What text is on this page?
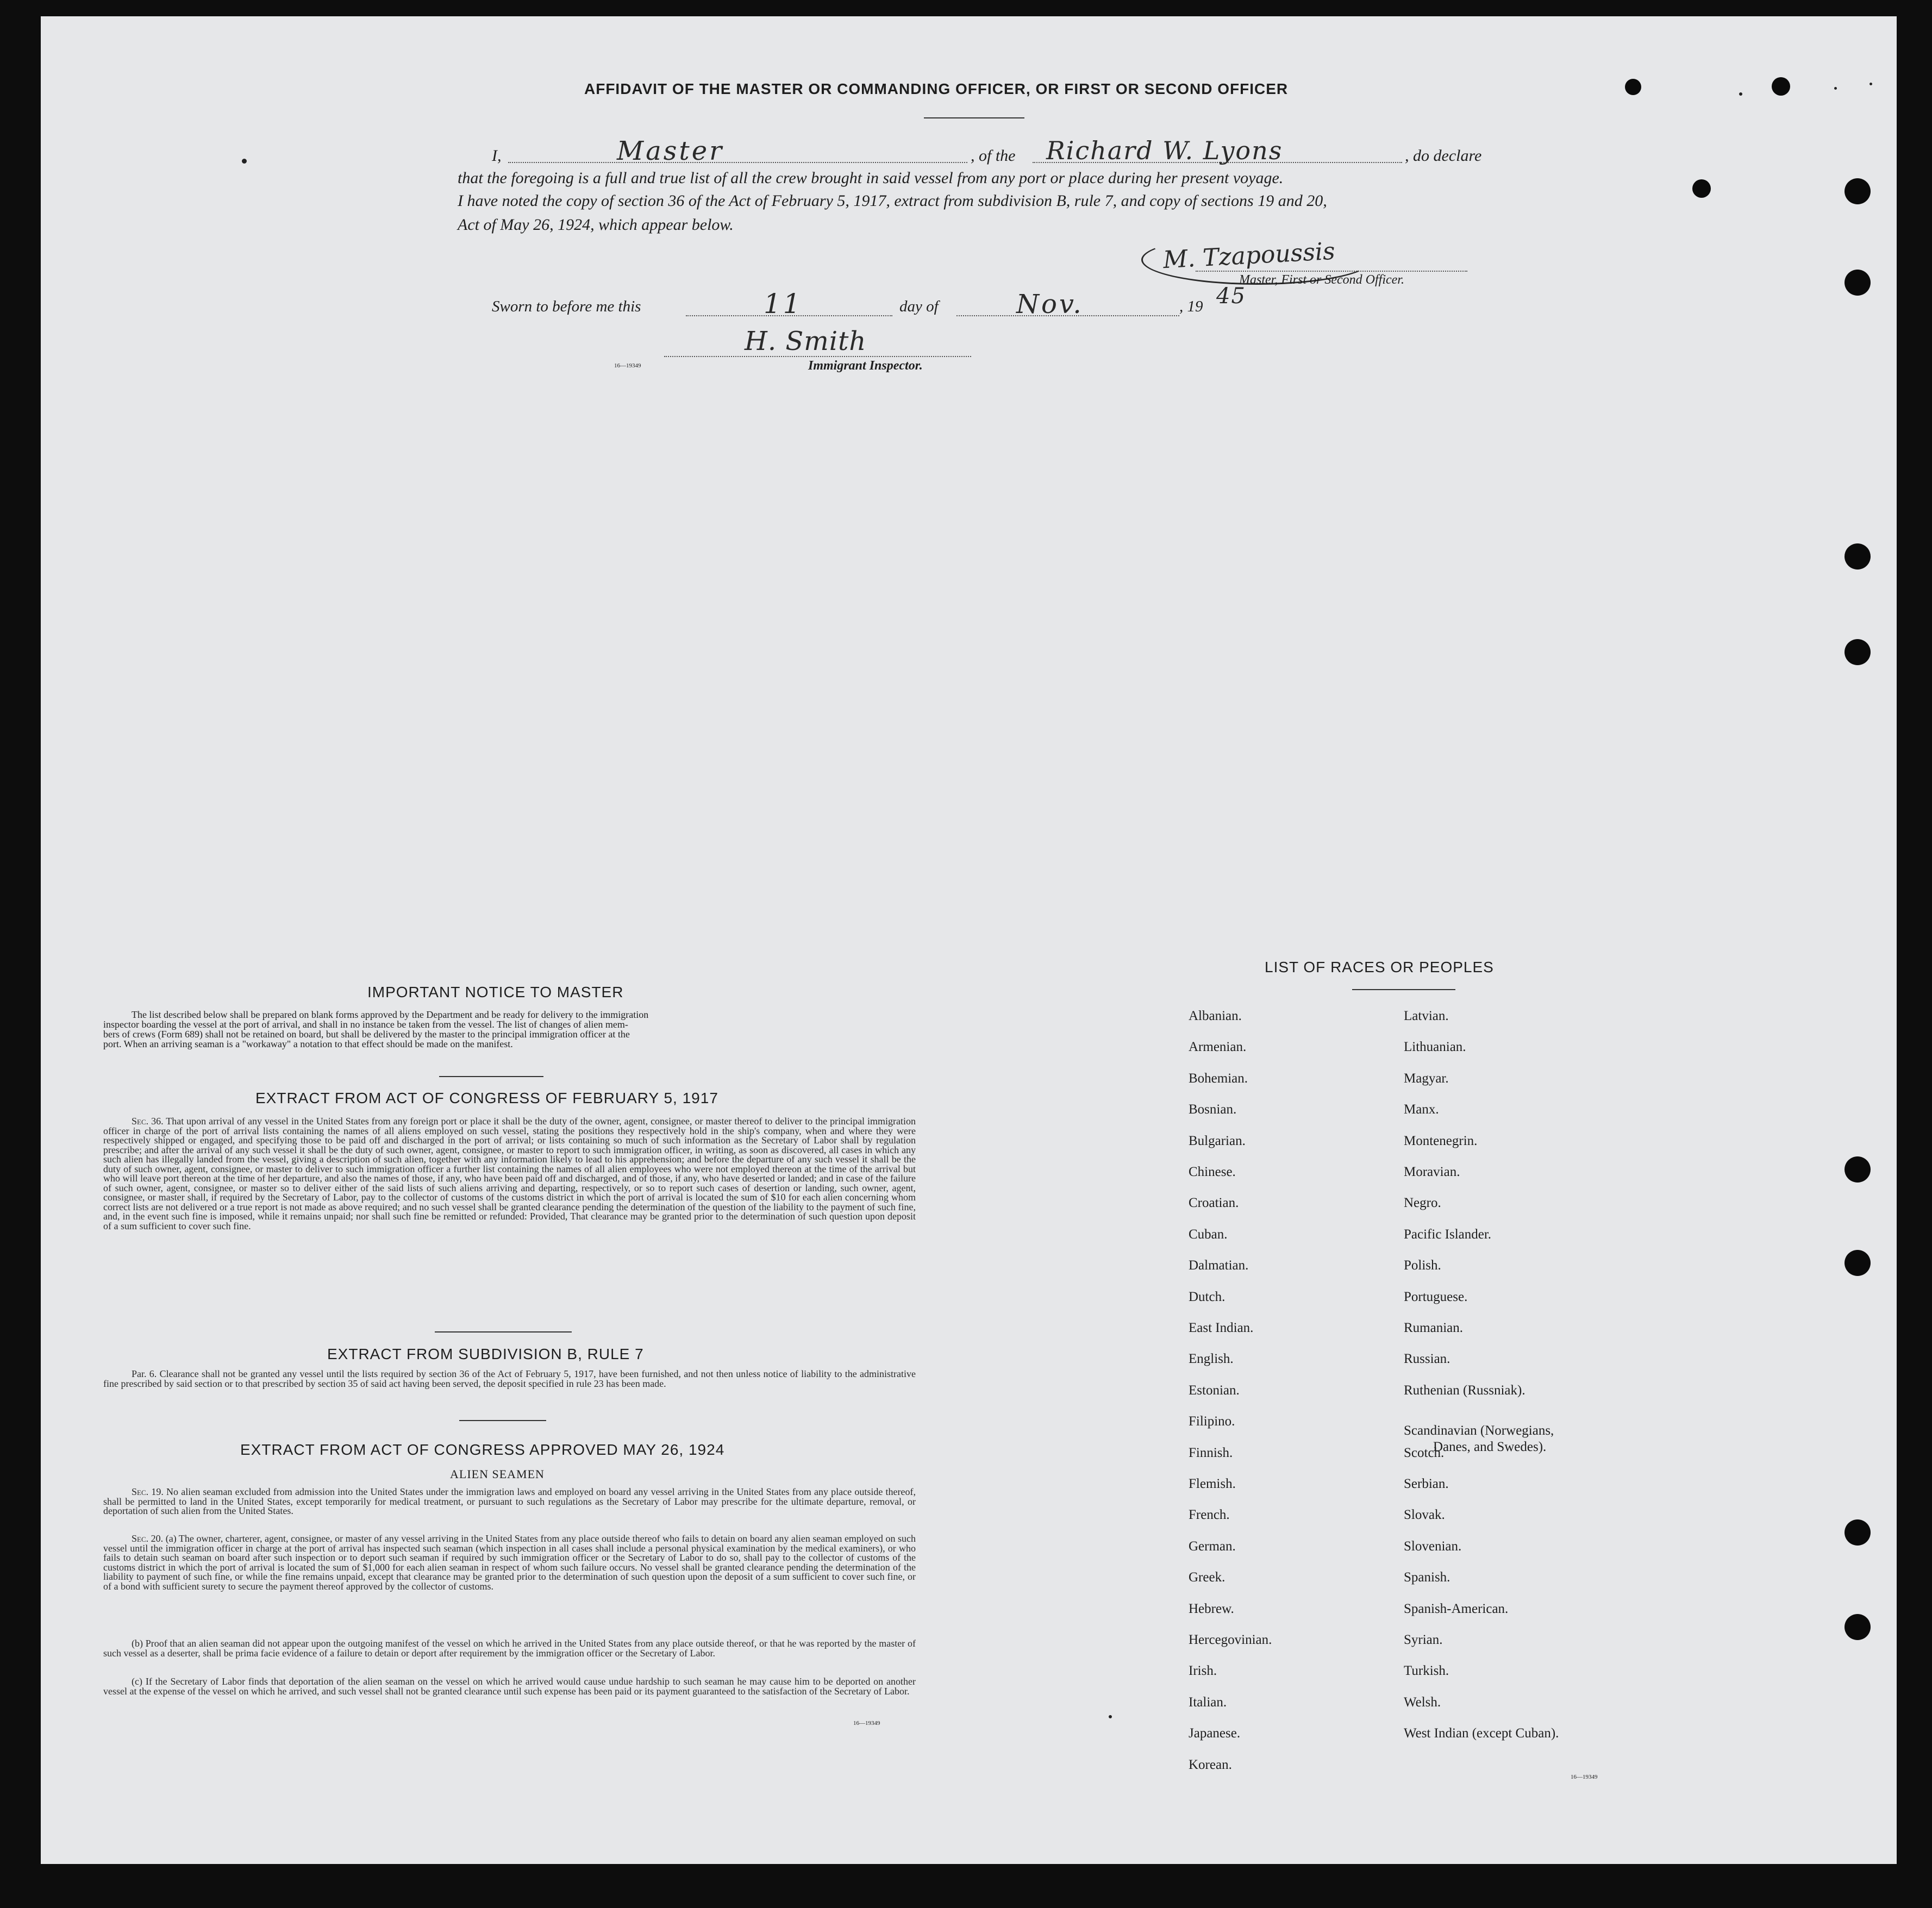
AFFIDAVIT OF THE MASTER OR COMMANDING OFFICER, OR FIRST OR SECOND OFFICER
I,	Master	, of the Richard W. Lyons	, do declare
that the foregoing is a full and true list of all the crew brought in said vessel from any port or place during her present voyage.
I have noted the copy of section 36 of the Act of February 5, 1917, extract from subdivision B, rule 7, and copy of sections 19 and 20,
Act of May 26, 1924, which appear below.
M. Tzapoussis
Master, First or Second Officer.
Sworn to before me this	11	day of	Nov.	, 19 45
H. Smith
Immigrant Inspector.
16—19349
IMPORTANT NOTICE TO MASTER
The list described below shall be prepared on blank forms approved by the Department and be ready for delivery to the immigration
inspector boarding the vessel at the port of arrival, and shall in no instance be taken from the vessel. The list of changes of alien mem-
bers of crews (Form 689) shall not be retained on board, but shall be delivered by the master to the principal immigration officer at the
port. When an arriving seaman is a "workaway" a notation to that effect should be made on the manifest.
EXTRACT FROM ACT OF CONGRESS OF FEBRUARY 5, 1917

Sec. 36. That upon arrival of any vessel in the United States from any foreign port or place it shall be the duty of the owner, agent, consignee, or master thereof to deliver to the principal immigration officer in charge of the port of arrival lists containing the names of all aliens employed on such vessel, stating the positions they respectively hold in the ship's company, when and where they were respectively shipped or engaged, and specifying those to be paid off and discharged in the port of arrival; or lists containing so much of such information as the Secretary of Labor shall by regulation prescribe; and after the arrival of any such vessel it shall be the duty of such owner, agent, consignee, or master to report to such immigration officer, in writing, as soon as discovered, all cases in which any such alien has illegally landed from the vessel, giving a description of such alien, together with any information likely to lead to his apprehension; and before the departure of any such vessel it shall be the duty of such owner, agent, consignee, or master to deliver to such immigration officer a further list containing the names of all alien employees who were not employed thereon at the time of the arrival but who will leave port thereon at the time of her departure, and also the names of those, if any, who have been paid off and discharged, and of those, if any, who have deserted or landed; and in case of the failure of such owner, agent, consignee, or master so to deliver either of the said lists of such aliens arriving and departing, respectively, or so to report such cases of desertion or landing, such owner, agent, consignee, or master shall, if required by the Secretary of Labor, pay to the collector of customs of the customs district in which the port of arrival is located the sum of $10 for each alien concerning whom correct lists are not delivered or a true report is not made as above required; and no such vessel shall be granted clearance pending the determination of the question of the liability to the payment of such fine, and, in the event such fine is imposed, while it remains unpaid; nor shall such fine be remitted or refunded: Provided, That clearance may be granted prior to the determination of such question upon deposit of a sum sufficient to cover such fine.

EXTRACT FROM SUBDIVISION B, RULE 7

Par. 6. Clearance shall not be granted any vessel until the lists required by section 36 of the Act of February 5, 1917, have been furnished, and not then unless notice of liability to the administrative fine prescribed by said section or to that prescribed by section 35 of said act having been served, the deposit specified in rule 23 has been made.

EXTRACT FROM ACT OF CONGRESS APPROVED MAY 26, 1924
ALIEN SEAMEN

Sec. 19. No alien seaman excluded from admission into the United States under the immigration laws and employed on board any vessel arriving in the United States from any place outside thereof, shall be permitted to land in the United States, except temporarily for medical treatment, or pursuant to such regulations as the Secretary of Labor may prescribe for the ultimate departure, removal, or deportation of such alien from the United States.

Sec. 20. (a) The owner, charterer, agent, consignee, or master of any vessel arriving in the United States from any place outside thereof who fails to detain on board any alien seaman employed on such vessel until the immigration officer in charge at the port of arrival has inspected such seaman (which inspection in all cases shall include a personal physical examination by the medical examiners), or who fails to detain such seaman on board after such inspection or to deport such seaman if required by such immigration officer or the Secretary of Labor to do so, shall pay to the collector of customs of the customs district in which the port of arrival is located the sum of $1,000 for each alien seaman in respect of whom such failure occurs. No vessel shall be granted clearance pending the determination of the liability to payment of such fine, or while the fine remains unpaid, except that clearance may be granted prior to the determination of such question upon the deposit of a sum sufficient to cover such fine, or of a bond with sufficient surety to secure the payment thereof approved by the collector of customs.

(b) Proof that an alien seaman did not appear upon the outgoing manifest of the vessel on which he arrived in the United States from any place outside thereof, or that he was reported by the master of such vessel as a deserter, shall be prima facie evidence of a failure to detain or deport after requirement by the immigration officer or the Secretary of Labor.

(c) If the Secretary of Labor finds that deportation of the alien seaman on the vessel on which he arrived would cause undue hardship to such seaman he may cause him to be deported on another vessel at the expense of the vessel on which he arrived, and such vessel shall not be granted clearance until such expense has been paid or its payment guaranteed to the satisfaction of the Secretary of Labor.

16—19349
LIST OF RACES OR PEOPLES
Albanian.
Armenian.
Bohemian.
Bosnian.
Bulgarian.
Chinese.
Croatian.
Cuban.
Dalmatian.
Dutch.
East Indian.
English.
Estonian.
Filipino.
Finnish.
Flemish.
French.
German.
Greek.
Hebrew.
Hercegovinian.
Irish.
Italian.
Japanese.
Korean.
Latvian.
Lithuanian.
Magyar.
Manx.
Montenegrin.
Moravian.
Negro.
Pacific Islander.
Polish.
Portuguese.
Rumanian.
Russian.
Ruthenian (Russniak).
Scandinavian (Norwegians,
Danes, and Swedes).
Scotch.
Serbian.
Slovak.
Slovenian.
Spanish.
Spanish-American.
Syrian.
Turkish.
Welsh.
West Indian (except Cuban).
16—19349
